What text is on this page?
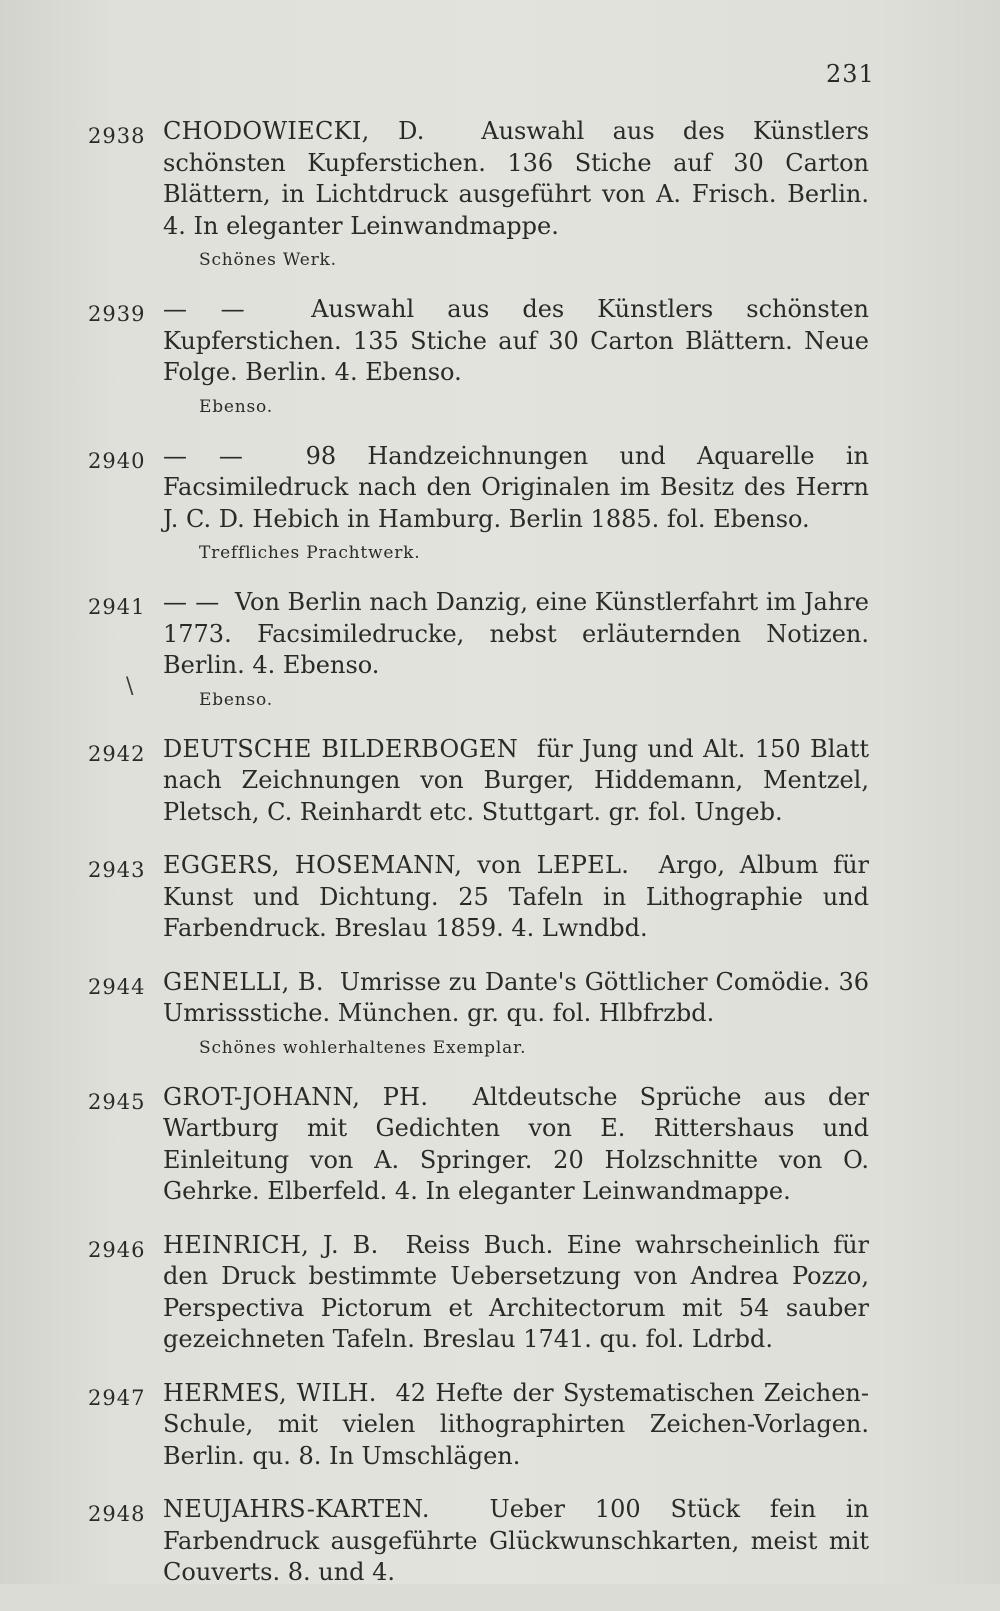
231
\
2938 CHODOWIECKI, D. Auswahl aus des Künstlers schönsten Kupferstichen. 136 Stiche auf 30 Carton Blättern, in Lichtdruck ausgeführt von A. Frisch. Berlin. 4. In eleganter Leinwandmappe.
Schönes Werk.
2939 — —	Auswahl aus des Künstlers schönsten Kupferstichen. 135 Stiche auf 30 Carton Blättern. Neue Folge. Berlin. 4. Ebenso.
Ebenso.
2940 — —	98 Handzeichnungen und Aquarelle in Facsimiledruck nach den Originalen im Besitz des Herrn J. C. D. Hebich in Hamburg. Berlin 1885. fol. Ebenso.
Treffliches Prachtwerk.
2941 — — Von Berlin nach Danzig, eine Künstlerfahrt im Jahre 1773. Facsimiledrucke, nebst erläuternden Notizen. Berlin. 4. Ebenso.
Ebenso.
2942 DEUTSCHE BILDERBOGEN für Jung und Alt. 150 Blatt nach Zeichnungen von Burger, Hiddemann, Mentzel, Pletsch, C. Reinhardt etc. Stuttgart. gr. fol. Ungeb.
2943 EGGERS, HOSEMANN, von LEPEL. Argo, Album für Kunst und Dichtung. 25 Tafeln in Lithographie und Farbendruck. Breslau 1859. 4. Lwndbd.
2944 GENELLI, B. Umrisse zu Dante's Göttlicher Comödie. 36 Umrissstiche. München. gr. qu. fol. Hlbfrzbd.
Schönes wohlerhaltenes Exemplar.
2945 GROT-JOHANN, PH. Altdeutsche Sprüche aus der Wartburg mit Gedichten von E. Rittershaus und Einleitung von A. Springer. 20 Holzschnitte von O. Gehrke. Elberfeld. 4. In eleganter Leinwandmappe.
2946 HEINRICH, J. B. Reiss Buch. Eine wahrscheinlich für den Druck bestimmte Uebersetzung von Andrea Pozzo, Perspectiva Pictorum et Architectorum mit 54 sauber gezeichneten Tafeln. Breslau 1741. qu. fol. Ldrbd.
2947 HERMES, WILH. 42 Hefte der Systematischen Zeichen-Schule, mit vielen lithographirten Zeichen-Vorlagen. Berlin. qu. 8. In Umschlägen.
2948 NEUJAHRS-KARTEN. Ueber 100 Stück fein in Farbendruck ausgeführte Glückwunschkarten, meist mit Couverts. 8. und 4.
